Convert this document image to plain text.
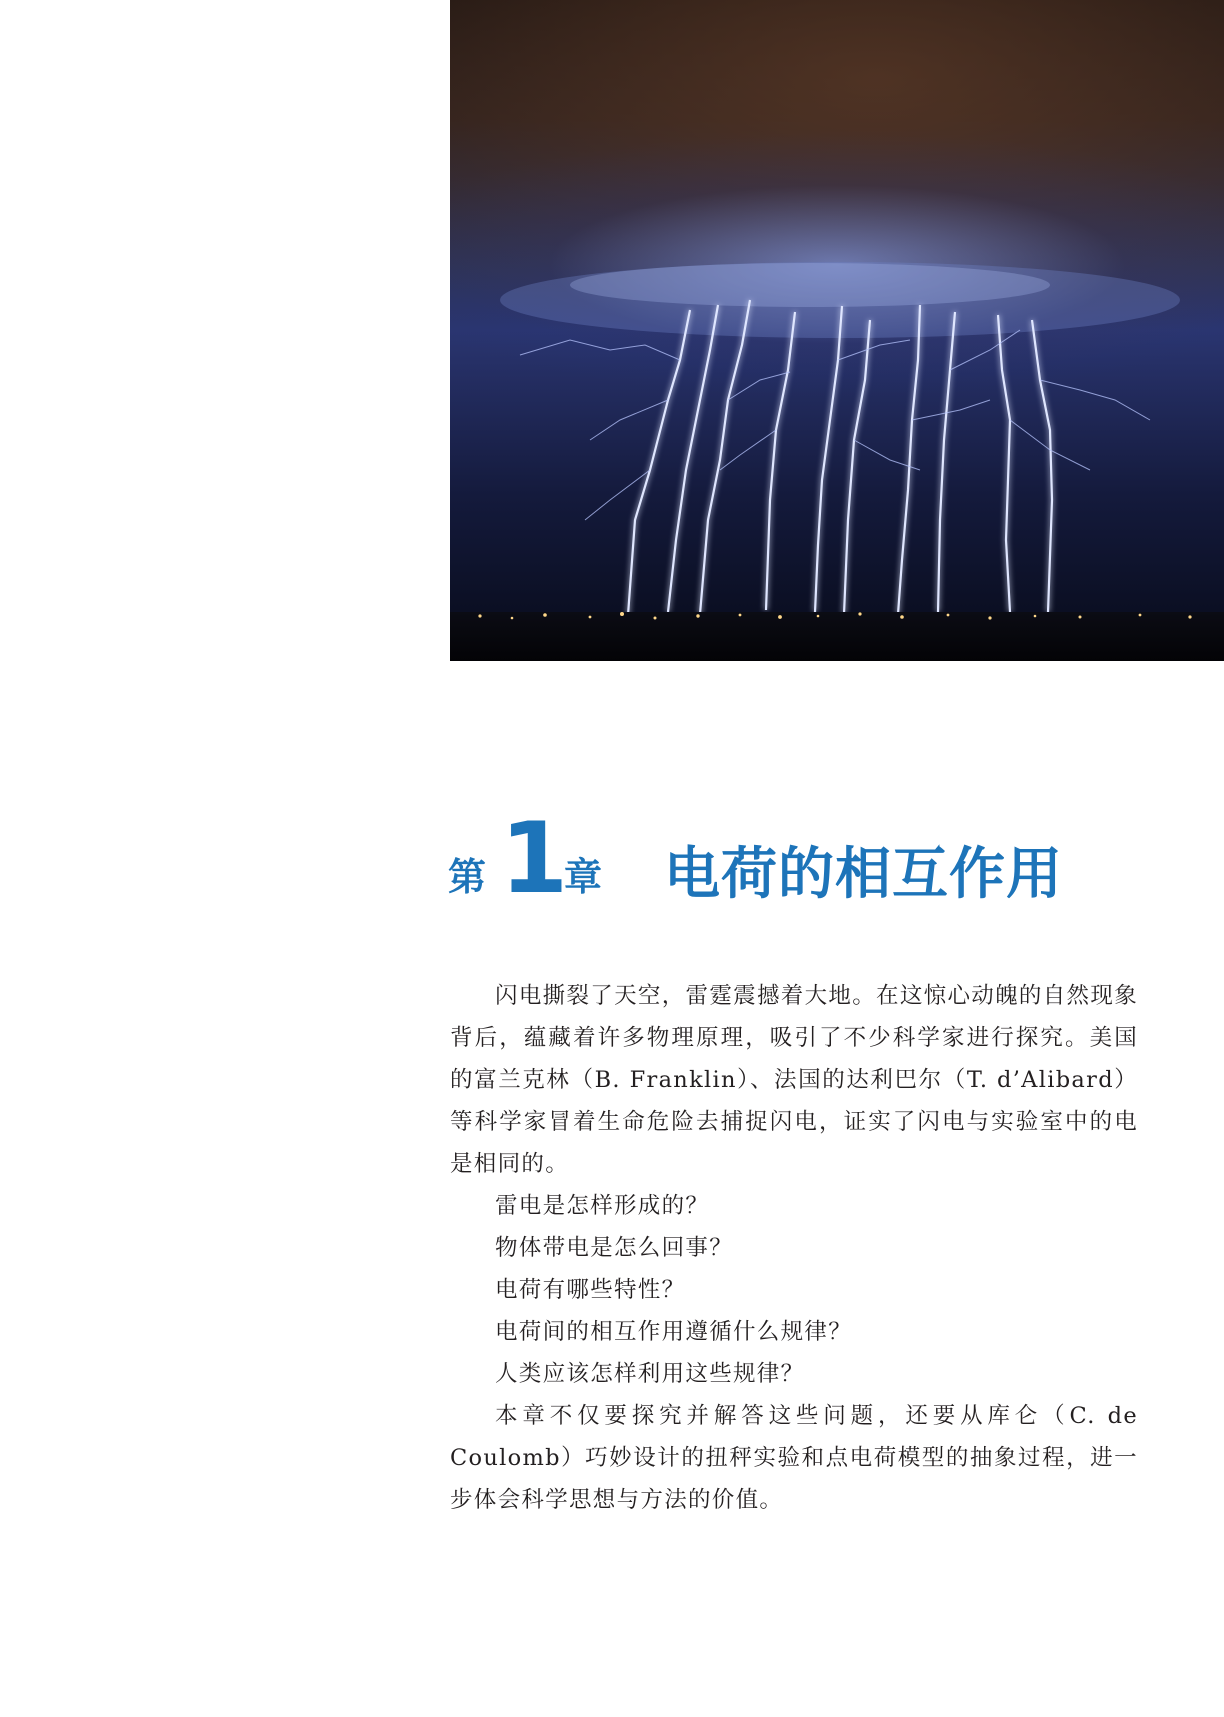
第 1
章 电荷的相互作用

闪电撕裂了天空，雷霆震撼着大地。在这惊心动魄的自然现象背后，蕴藏着许多物理原理，吸引了不少科学家进行探究。美国的富兰克林（B. Franklin）、法国的达利巴尔（T. d’Alibard）等科学家冒着生命危险去捕捉闪电，证实了闪电与实验室中的电是相同的。

雷电是怎样形成的？

物体带电是怎么回事？

电荷有哪些特性？

电荷间的相互作用遵循什么规律？

人类应该怎样利用这些规律？

本章不仅要探究并解答这些问题，还要从库仑（C. de Coulomb）巧妙设计的扭秤实验和点电荷模型的抽象过程，进一步体会科学思想与方法的价值。
